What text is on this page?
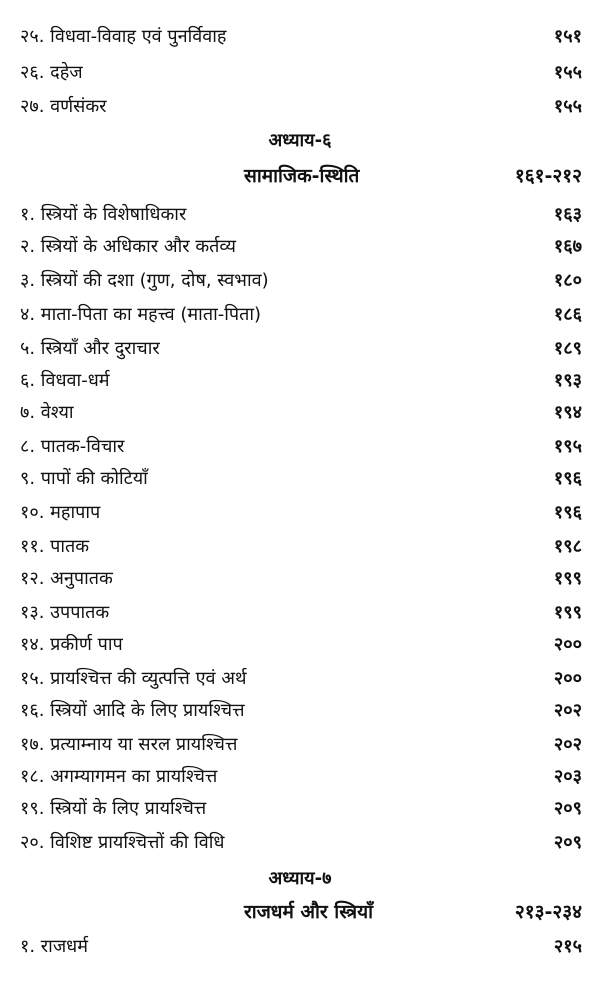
२५. विधवा-विवाह एवं पुनर्विवाह	१५१
२६. दहेज	१५५
२७. वर्णसंकर	१५५
अध्याय-६
सामाजिक-स्थिति	१६१-२१२
१. स्त्रियों के विशेषाधिकार	१६३
२. स्त्रियों के अधिकार और कर्तव्य	१६७
३. स्त्रियों की दशा (गुण, दोष, स्वभाव)	१८०
४. माता-पिता का महत्त्व (माता-पिता)	१८६
५. स्त्रियाँ और दुराचार	१८९
६. विधवा-धर्म	१९३
७. वेश्या	१९४
८. पातक-विचार	१९५
९. पापों की कोटियाँ	१९६
१०. महापाप	१९६
११. पातक	१९८
१२. अनुपातक	१९९
१३. उपपातक	१९९
१४. प्रकीर्ण पाप	२००
१५. प्रायश्चित्त की व्युत्पत्ति एवं अर्थ	२००
१६. स्त्रियों आदि के लिए प्रायश्चित्त	२०२
१७. प्रत्याम्नाय या सरल प्रायश्चित्त	२०२
१८. अगम्यागमन का प्रायश्चित्त	२०३
१९. स्त्रियों के लिए प्रायश्चित्त	२०९
२०. विशिष्ट प्रायश्चित्तों की विधि	२०९
अध्याय-७
राजधर्म और स्त्रियाँ	२१३-२३४
१. राजधर्म	२१५
